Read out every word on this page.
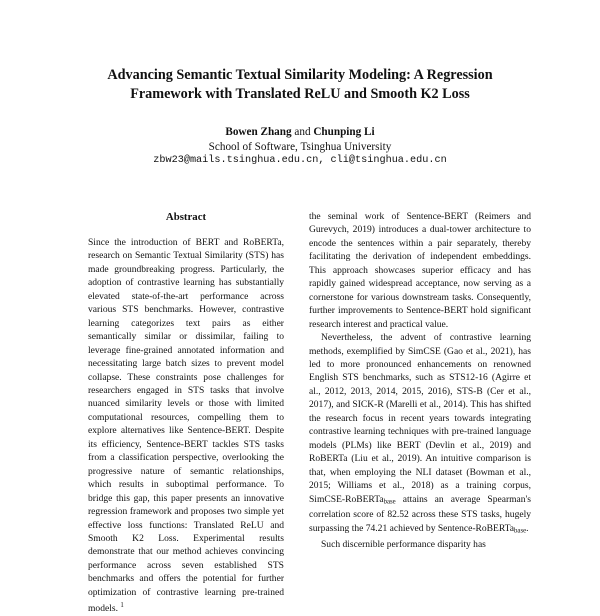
Advancing Semantic Textual Similarity Modeling: A Regression
Framework with Translated ReLU and Smooth K2 Loss
Bowen Zhang and Chunping Li
School of Software, Tsinghua University
zbw23@mails.tsinghua.edu.cn, cli@tsinghua.edu.cn
Abstract

Since the introduction of BERT and RoBERTa, research on Semantic Textual Similarity (STS) has made groundbreaking progress. Particularly, the adoption of contrastive learning has substantially elevated state-of-the-art performance across various STS benchmarks. However, contrastive learning categorizes text pairs as either semantically similar or dissimilar, failing to leverage fine-grained annotated information and necessitating large batch sizes to prevent model collapse. These constraints pose challenges for researchers engaged in STS tasks that involve nuanced similarity levels or those with limited computational resources, compelling them to explore alternatives like Sentence-BERT. Despite its efficiency, Sentence-BERT tackles STS tasks from a classification perspective, overlooking the progressive nature of semantic relationships, which results in suboptimal performance. To bridge this gap, this paper presents an innovative regression framework and proposes two simple yet effective loss functions: Translated ReLU and Smooth K2 Loss. Experimental results demonstrate that our method achieves convincing performance across seven established STS benchmarks and offers the potential for further optimization of contrastive learning pre-trained models. $^1$

the seminal work of Sentence-BERT (Reimers and Gurevych, 2019) introduces a dual-tower architecture to encode the sentences within a pair separately, thereby facilitating the derivation of independent embeddings. This approach showcases superior efficacy and has rapidly gained widespread acceptance, now serving as a cornerstone for various downstream tasks. Consequently, further improvements to Sentence-BERT hold significant research interest and practical value.

Nevertheless, the advent of contrastive learning methods, exemplified by SimCSE (Gao et al., 2021), has led to more pronounced enhancements on renowned English STS benchmarks, such as STS12-16 (Agirre et al., 2012, 2013, 2014, 2015, 2016), STS-B (Cer et al., 2017), and SICK-R (Marelli et al., 2014). This has shifted the research focus in recent years towards integrating contrastive learning techniques with pre-trained language models (PLMs) like BERT (Devlin et al., 2019) and RoBERTa (Liu et al., 2019). An intuitive comparison is that, when employing the NLI dataset (Bowman et al., 2015; Williams et al., 2018) as a training corpus, SimCSE-RoBERTa$_{base}$ attains an average Spearman's correlation score of 82.52 across these STS tasks, hugely surpassing the 74.21 achieved by Sentence-RoBERTa$_{base}$.

Such discernible performance disparity has
